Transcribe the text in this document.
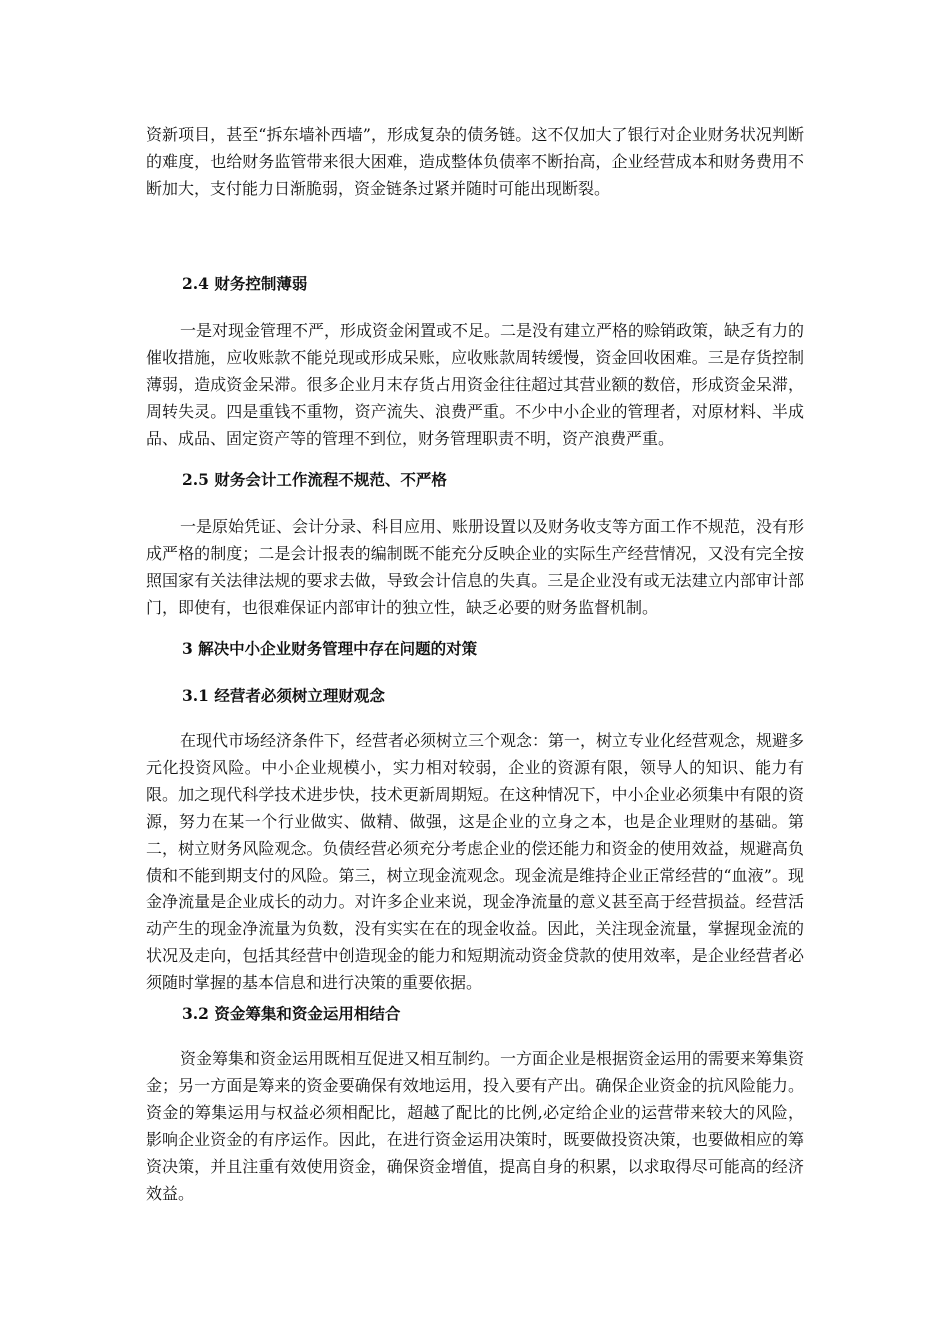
资新项目，甚至“拆东墙补西墙”，形成复杂的债务链。这不仅加大了银行对企业财务状况判断的难度，也给财务监管带来很大困难，造成整体负债率不断抬高，企业经营成本和财务费用不断加大，支付能力日渐脆弱，资金链条过紧并随时可能出现断裂。

2.4 财务控制薄弱

一是对现金管理不严，形成资金闲置或不足。二是没有建立严格的赊销政策，缺乏有力的催收措施，应收账款不能兑现或形成呆账，应收账款周转缓慢，资金回收困难。三是存货控制薄弱，造成资金呆滞。很多企业月末存货占用资金往往超过其营业额的数倍，形成资金呆滞，周转失灵。四是重钱不重物，资产流失、浪费严重。不少中小企业的管理者，对原材料、半成品、成品、固定资产等的管理不到位，财务管理职责不明，资产浪费严重。

2.5 财务会计工作流程不规范、不严格

一是原始凭证、会计分录、科目应用、账册设置以及财务收支等方面工作不规范，没有形成严格的制度；二是会计报表的编制既不能充分反映企业的实际生产经营情况，又没有完全按照国家有关法律法规的要求去做，导致会计信息的失真。三是企业没有或无法建立内部审计部门，即使有，也很难保证内部审计的独立性，缺乏必要的财务监督机制。

3 解决中小企业财务管理中存在问题的对策
3.1 经营者必须树立理财观念

在现代市场经济条件下，经营者必须树立三个观念：第一，树立专业化经营观念，规避多元化投资风险。中小企业规模小，实力相对较弱，企业的资源有限，领导人的知识、能力有限。加之现代科学技术进步快，技术更新周期短。在这种情况下，中小企业必须集中有限的资源，努力在某一个行业做实、做精、做强，这是企业的立身之本，也是企业理财的基础。第二，树立财务风险观念。负债经营必须充分考虑企业的偿还能力和资金的使用效益，规避高负债和不能到期支付的风险。第三，树立现金流观念。现金流是维持企业正常经营的“血液”。现金净流量是企业成长的动力。对许多企业来说，现金净流量的意义甚至高于经营损益。经营活动产生的现金净流量为负数，没有实实在在的现金收益。因此，关注现金流量，掌握现金流的状况及走向，包括其经营中创造现金的能力和短期流动资金贷款的使用效率，是企业经营者必须随时掌握的基本信息和进行决策的重要依据。

3.2 资金筹集和资金运用相结合

资金筹集和资金运用既相互促进又相互制约。一方面企业是根据资金运用的需要来筹集资金；另一方面是筹来的资金要确保有效地运用，投入要有产出。确保企业资金的抗风险能力。资金的筹集运用与权益必须相配比，超越了配比的比例,必定给企业的运营带来较大的风险，影响企业资金的有序运作。因此，在进行资金运用决策时，既要做投资决策，也要做相应的筹资决策，并且注重有效使用资金，确保资金增值，提高自身的积累，以求取得尽可能高的经济效益。
